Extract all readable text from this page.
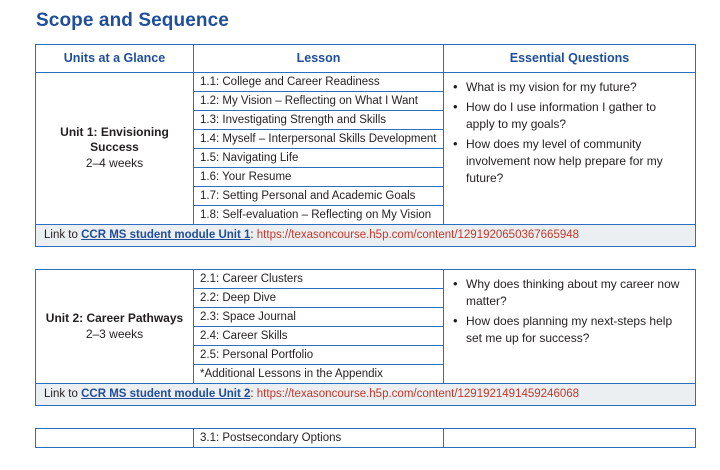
Scope and Sequence
Units at a Glance	Lesson	Essential Questions

Unit 1: Envisioning Success
2–4 weeks

1.1: College and Career Readiness
1.2: My Vision – Reflecting on What I Want
1.3: Investigating Strength and Skills
1.4: Myself – Interpersonal Skills Development
1.5: Navigating Life
1.6: Your Resume
1.7: Setting Personal and Academic Goals
1.8: Self-evaluation – Reflecting on My Vision

• What is my vision for my future?
• How do I use information I gather to apply to my goals?
• How does my level of community involvement now help prepare for my future?

Link to CCR MS student module Unit 1: https://texasoncourse.h5p.com/content/1291920650367665948		
Unit 2: Career Pathways
2–3 weeks

2.1: Career Clusters
2.2: Deep Dive
2.3: Space Journal
2.4: Career Skills
2.5: Personal Portfolio
*Additional Lessons in the Appendix

• Why does thinking about my career now matter?
• How does planning my next-steps help set me up for success?

Link to CCR MS student module Unit 2: https://texasoncourse.h5p.com/content/1291921491459246068

3.1: Postsecondary Options
